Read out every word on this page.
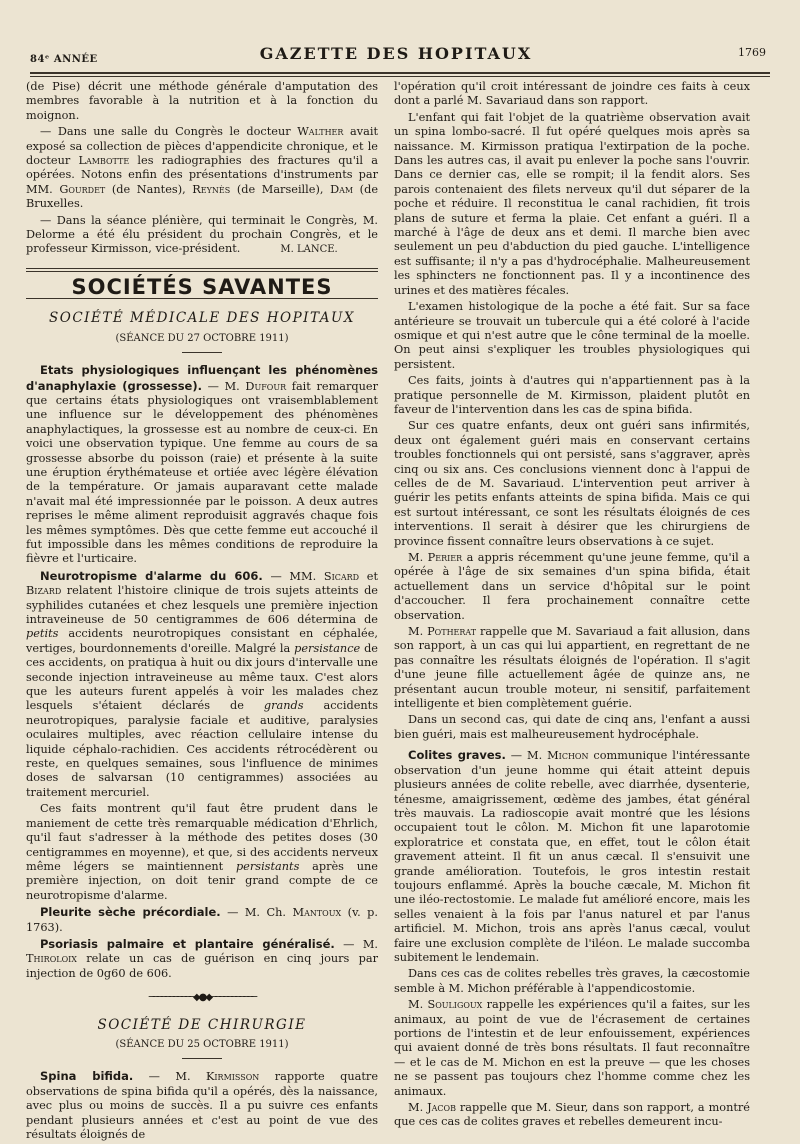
84ᵉ ANNÉE	GAZETTE DES HOPITAUX	1769

(de Pise) décrit une méthode générale d'amputation des membres favorable à la nutrition et à la fonction du moignon.

— Dans une salle du Congrès le docteur Walther avait exposé sa collection de pièces d'appendicite chronique, et le docteur Lambotte les radiographies des fractures qu'il a opérées. Notons enfin des présentations d'instruments par MM. Gourdet (de Nantes), Reynès (de Marseille), Dam (de Bruxelles.

— Dans la séance plénière, qui terminait le Congrès, M. Delorme a été élu président du prochain Congrès, et le professeur Kirmisson, vice-président.	M. LANCE.

SOCIÉTÉS SAVANTES
SOCIÉTÉ MÉDICALE DES HOPITAUX
(SÉANCE DU 27 OCTOBRE 1911)

Etats physiologiques influençant les phénomènes d'anaphylaxie (grossesse). — M. Dufour fait remarquer que certains états physiologiques ont vraisemblablement une influence sur le développement des phénomènes anaphylactiques, la grossesse est au nombre de ceux-ci. En voici une observation typique. Une femme au cours de sa grossesse absorbe du poisson (raie) et présente à la suite une éruption érythémateuse et ortiée avec légère élévation de la température. Or jamais auparavant cette malade n'avait mal été impressionnée par le poisson. A deux autres reprises le même aliment reproduisit aggravés chaque fois les mêmes symptômes. Dès que cette femme eut accouché il fut impossible dans les mêmes conditions de reproduire la fièvre et l'urticaire.

Neurotropisme d'alarme du 606. — MM. Sicard et Bizard relatent l'histoire clinique de trois sujets atteints de syphilides cutanées et chez lesquels une première injection intraveineuse de 50 centigrammes de 606 détermina de petits accidents neurotropiques consistant en céphalée, vertiges, bourdonnements d'oreille. Malgré la persistance de ces accidents, on pratiqua à huit ou dix jours d'intervalle une seconde injection intraveineuse au même taux. C'est alors que les auteurs furent appelés à voir les malades chez lesquels s'étaient déclarés de grands accidents neurotropiques, paralysie faciale et auditive, paralysies oculaires multiples, avec réaction cellulaire intense du liquide céphalo-rachidien. Ces accidents rétrocédèrent ou reste, en quelques semaines, sous l'influence de minimes doses de salvarsan (10 centigrammes) associées au traitement mercuriel.

Ces faits montrent qu'il faut être prudent dans le maniement de cette très remarquable médication d'Ehrlich, qu'il faut s'adresser à la méthode des petites doses (30 centigrammes en moyenne), et que, si des accidents nerveux même légers se maintiennent persistants après une première injection, on doit tenir grand compte de ce neurotropisme d'alarme.

Pleurite sèche précordiale. — M. Ch. Mantoux (v. p. 1763).

Psoriasis palmaire et plantaire généralisé. — M. Thiroloix relate un cas de guérison en cinq jours par injection de 0g60 de 606.

───────────◆●◆───────────
SOCIÉTÉ DE CHIRURGIE
(SÉANCE DU 25 OCTOBRE 1911)

Spina bifida. — M. Kirmisson rapporte quatre observations de spina bifida qu'il a opérés, dès la naissance, avec plus ou moins de succès. Il a pu suivre ces enfants pendant plusieurs années et c'est au point de vue des résultats éloignés de

l'opération qu'il croit intéressant de joindre ces faits à ceux dont a parlé M. Savariaud dans son rapport.

L'enfant qui fait l'objet de la quatrième observation avait un spina lombo-sacré. Il fut opéré quelques mois après sa naissance. M. Kirmisson pratiqua l'extirpation de la poche. Dans les autres cas, il avait pu enlever la poche sans l'ouvrir. Dans ce dernier cas, elle se rompit; il la fendit alors. Ses parois contenaient des filets nerveux qu'il dut séparer de la poche et réduire. Il reconstitua le canal rachidien, fit trois plans de suture et ferma la plaie. Cet enfant a guéri. Il a marché à l'âge de deux ans et demi. Il marche bien avec seulement un peu d'abduction du pied gauche. L'intelligence est suffisante; il n'y a pas d'hydrocéphalie. Malheureusement les sphincters ne fonctionnent pas. Il y a incontinence des urines et des matières fécales.

L'examen histologique de la poche a été fait. Sur sa face antérieure se trouvait un tubercule qui a été coloré à l'acide osmique et qui n'est autre que le cône terminal de la moelle. On peut ainsi s'expliquer les troubles physiologiques qui persistent.

Ces faits, joints à d'autres qui n'appartiennent pas à la pratique personnelle de M. Kirmisson, plaident plutôt en faveur de l'intervention dans les cas de spina bifida.

Sur ces quatre enfants, deux ont guéri sans infirmités, deux ont également guéri mais en conservant certains troubles fonctionnels qui ont persisté, sans s'aggraver, après cinq ou six ans. Ces conclusions viennent donc à l'appui de celles de de M. Savariaud. L'intervention peut arriver à guérir les petits enfants atteints de spina bifida. Mais ce qui est surtout intéressant, ce sont les résultats éloignés de ces interventions. Il serait à désirer que les chirurgiens de province fissent connaître leurs observations à ce sujet.

M. Perier a appris récemment qu'une jeune femme, qu'il a opérée à l'âge de six semaines d'un spina bifida, était actuellement dans un service d'hôpital sur le point d'accoucher. Il fera prochainement connaître cette observation.

M. Potherat rappelle que M. Savariaud a fait allusion, dans son rapport, à un cas qui lui appartient, en regrettant de ne pas connaître les résultats éloignés de l'opération. Il s'agit d'une jeune fille actuellement âgée de quinze ans, ne présentant aucun trouble moteur, ni sensitif, parfaitement intelligente et bien complètement guérie.

Dans un second cas, qui date de cinq ans, l'enfant a aussi bien guéri, mais est malheureusement hydrocéphale.

Colites graves. — M. Michon communique l'intéressante observation d'un jeune homme qui était atteint depuis plusieurs années de colite rebelle, avec diarrhée, dysenterie, ténesme, amaigrissement, œdème des jambes, état général très mauvais. La radioscopie avait montré que les lésions occupaient tout le côlon. M. Michon fit une laparotomie exploratrice et constata que, en effet, tout le côlon était gravement atteint. Il fit un anus cæcal. Il s'ensuivit une grande amélioration. Toutefois, le gros intestin restait toujours enflammé. Après la bouche cæcale, M. Michon fit une iléo-rectostomie. Le malade fut amélioré encore, mais les selles venaient à la fois par l'anus naturel et par l'anus artificiel. M. Michon, trois ans après l'anus cæcal, voulut faire une exclusion complète de l'iléon. Le malade succomba subitement le lendemain.

Dans ces cas de colites rebelles très graves, la cæcostomie semble à M. Michon préférable à l'appendicostomie.

M. Souligoux rappelle les expériences qu'il a faites, sur les animaux, au point de vue de l'écrasement de certaines portions de l'intestin et de leur enfouissement, expériences qui avaient donné de très bons résultats. Il faut reconnaître — et le cas de M. Michon en est la preuve — que les choses ne se passent pas toujours chez l'homme comme chez les animaux.

M. Jacob rappelle que M. Sieur, dans son rapport, a montré que ces cas de colites graves et rebelles demeurent incu-
